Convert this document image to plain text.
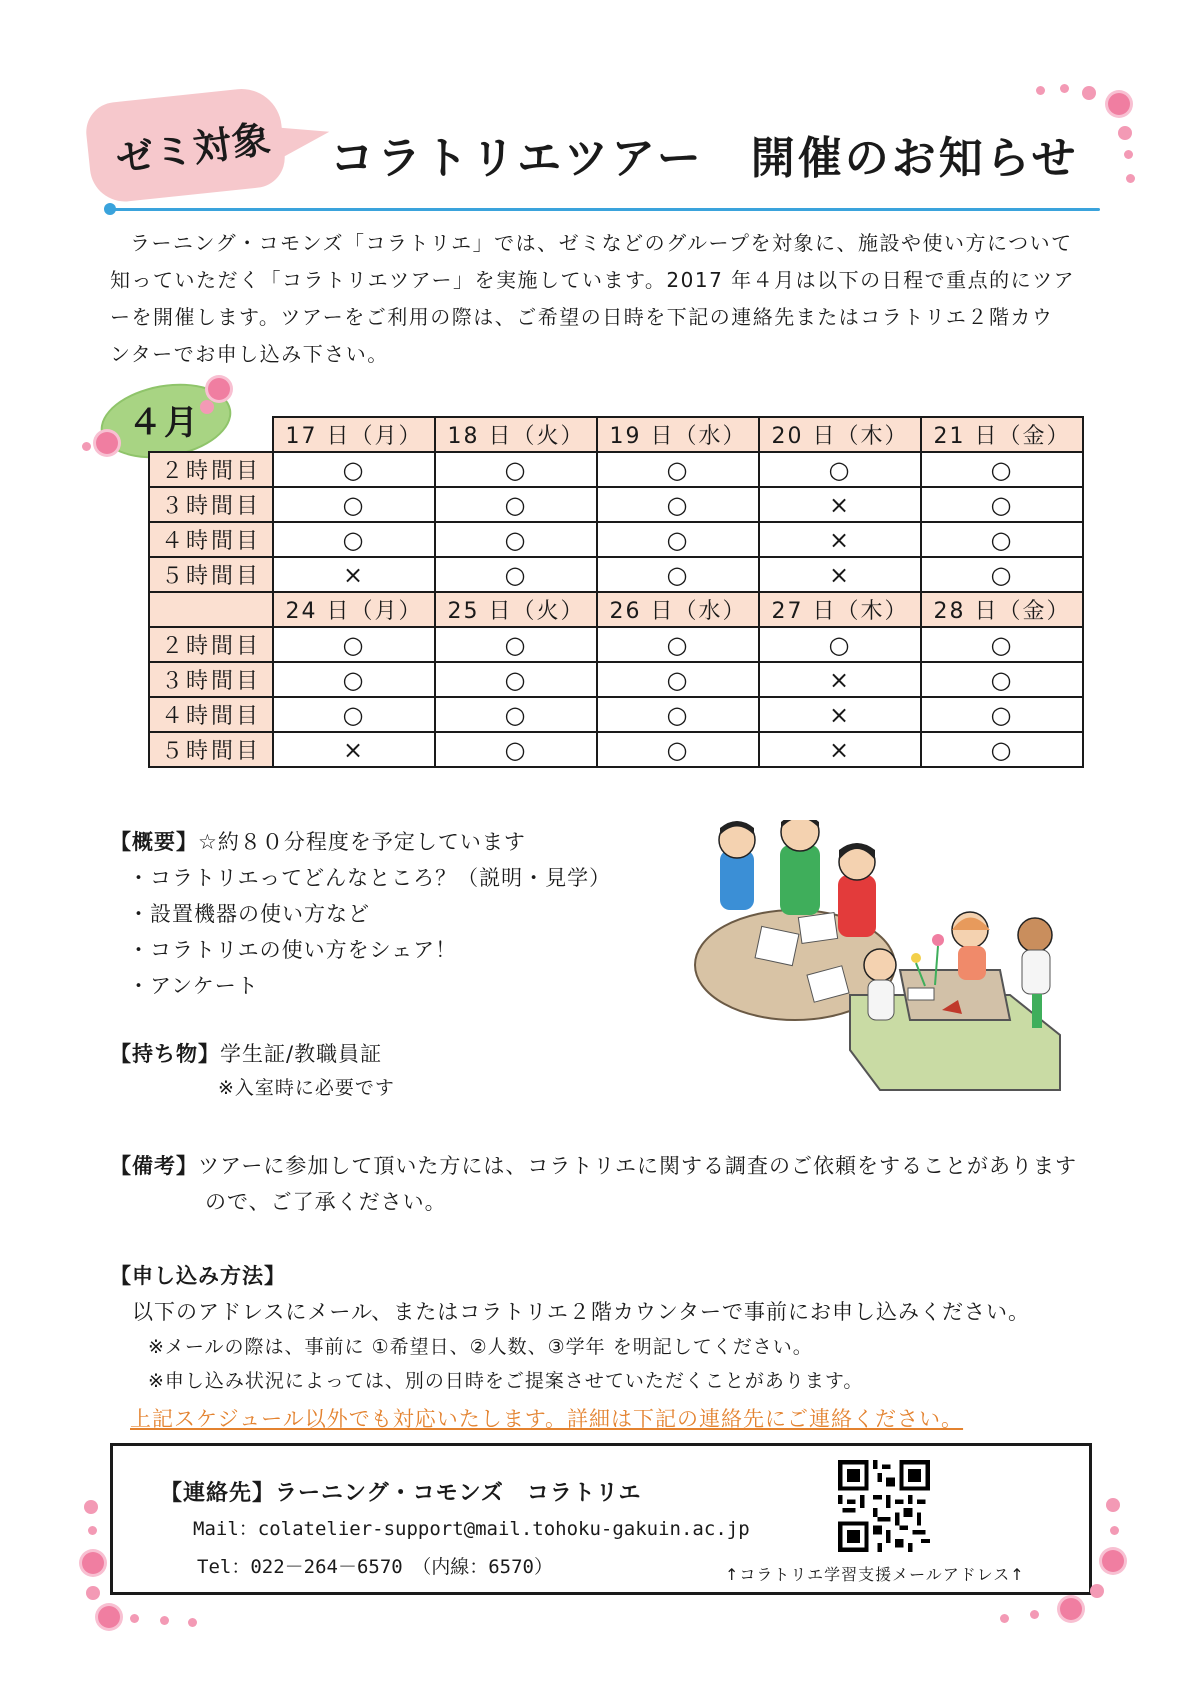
ゼミ対象 コラトリエツアー　開催のお知らせ
ラーニング・コモンズ「コラトリエ」では、ゼミなどのグループを対象に、施設や使い方について
知っていただく「コラトリエツアー」を実施しています。2017 年４月は以下の日程で重点的にツア
ーを開催します。ツアーをご利用の際は、ご希望の日時を下記の連絡先またはコラトリエ２階カウ
ンターでお申し込み下さい。
４月
		17 日（月）	18 日（火）	19 日（水）	20 日（木）	21 日（金）
２時間目	○	○	○	○	○
３時間目	○	○	○	×	○
４時間目	○	○	○	×	○
５時間目	×	○	○	×	○
	24 日（月）	25 日（火）	26 日（水）	27 日（木）	28 日（金）
２時間目	○	○	○	○	○
３時間目	○	○	○	×	○
４時間目	○	○	○	×	○
５時間目	×	○	○	×	○
【概要】☆約８０分程度を予定しています
・コラトリエってどんなところ？（説明・見学）
・設置機器の使い方など
・コラトリエの使い方をシェア！
・アンケート
【持ち物】学生証/教職員証
※入室時に必要です
【備考】ツアーに参加して頂いた方には、コラトリエに関する調査のご依頼をすることがあります
ので、ご了承ください。
【申し込み方法】
以下のアドレスにメール、またはコラトリエ２階カウンターで事前にお申し込みください。
※メールの際は、事前に ①希望日、②人数、③学年 を明記してください。
※申し込み状況によっては、別の日時をご提案させていただくことがあります。
上記スケジュール以外でも対応いたします。詳細は下記の連絡先にご連絡ください。
【連絡先】ラーニング・コモンズ　コラトリエ
Mail：colatelier-support@mail.tohoku-gakuin.ac.jp
Tel：022－264－6570　（内線：6570）	↑コラトリエ学習支援メールアドレス↑
